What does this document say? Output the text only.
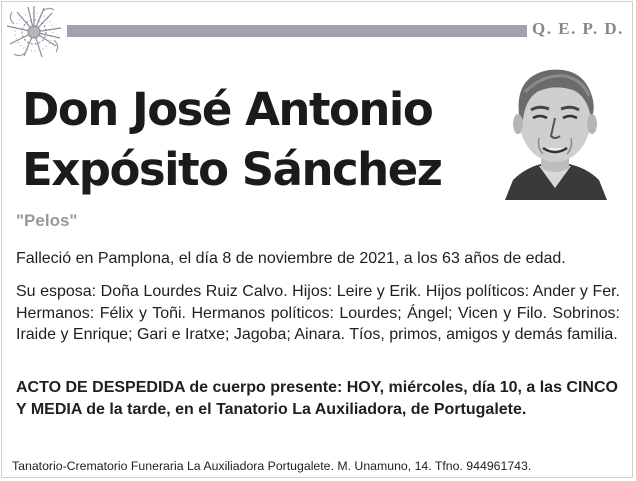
Q. E. P. D.
Don José Antonio
Expósito Sánchez
"Pelos"
Falleció en Pamplona, el día 8 de noviembre de 2021, a los 63 años de edad.
Su esposa: Doña Lourdes Ruiz Calvo. Hijos: Leire y Erik. Hijos políticos: Ander y Fer. Hermanos: Félix y Toñi. Hermanos políticos: Lourdes; Ángel; Vicen y Filo. Sobrinos: Iraide y Enrique; Gari e Iratxe; Jagoba; Ainara. Tíos, primos, amigos y demás familia.
ACTO DE DESPEDIDA de cuerpo presente: HOY, miércoles, día 10, a las CINCO Y MEDIA de la tarde, en el Tanatorio La Auxiliadora, de Portugalete.
Tanatorio-Crematorio Funeraria La Auxiliadora Portugalete. M. Unamuno, 14. Tfno. 944961743.
